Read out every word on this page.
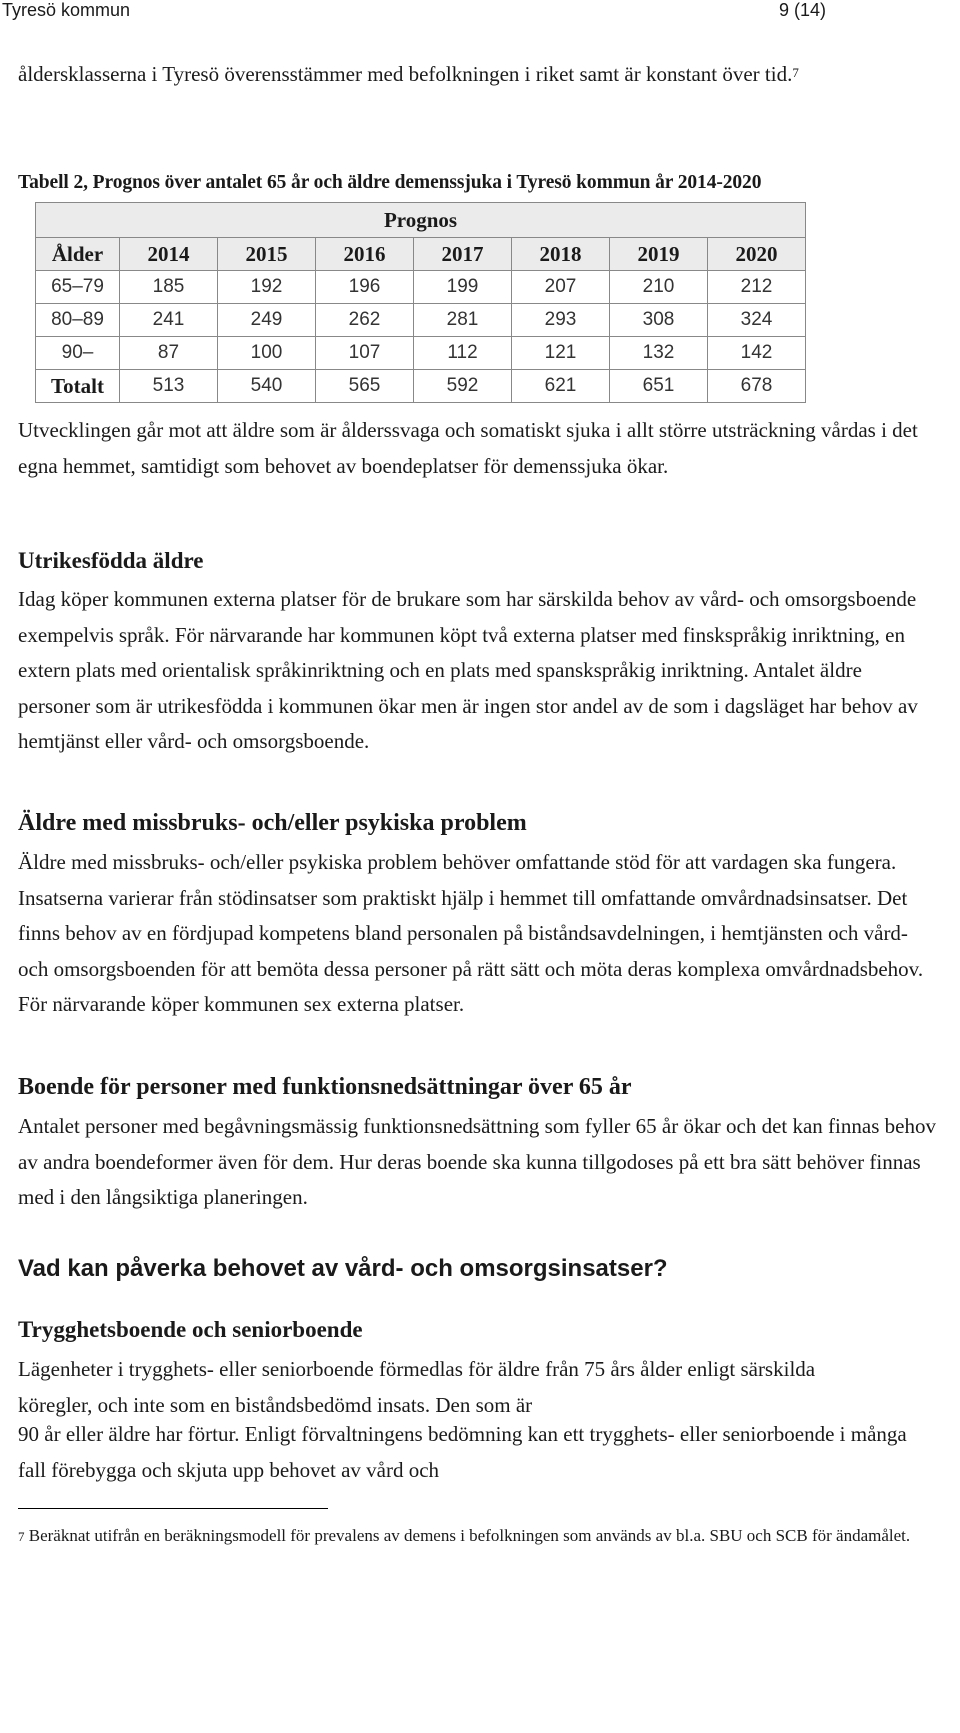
Tyresö kommun	9 (14)

åldersklasserna i Tyresö överensstämmer med befolkningen i riket samt är konstant över tid.$^7$

Tabell 2, Prognos över antalet 65 år och äldre demenssjuka i Tyresö kommun år 2014-2020
Prognos							
Ålder	2014	2015	2016	2017	2018	2019	2020
65–79	185	192	196	199	207	210	212
80–89	241	249	262	281	293	308	324
90–	87	100	107	112	121	132	142
Totalt	513	540	565	592	621	651	678

Utvecklingen går mot att äldre som är ålderssvaga och somatiskt sjuka i allt större utsträckning vårdas i det egna hemmet, samtidigt som behovet av boendeplatser för demenssjuka ökar.

Utrikesfödda äldre

Idag köper kommunen externa platser för de brukare som har särskilda behov av vård- och omsorgsboende exempelvis språk. För närvarande har kommunen köpt två externa platser med finskspråkig inriktning, en extern plats med orientalisk språkinriktning och en plats med spanskspråkig inriktning. Antalet äldre personer som är utrikesfödda i kommunen ökar men är ingen stor andel av de som i dagsläget har behov av hemtjänst eller vård- och omsorgsboende.

Äldre med missbruks- och/eller psykiska problem

Äldre med missbruks- och/eller psykiska problem behöver omfattande stöd för att vardagen ska fungera. Insatserna varierar från stödinsatser som praktiskt hjälp i hemmet till omfattande omvårdnadsinsatser. Det finns behov av en fördjupad kompetens bland personalen på biståndsavdelningen, i hemtjänsten och vård- och omsorgsboenden för att bemöta dessa personer på rätt sätt och möta deras komplexa omvårdnadsbehov. För närvarande köper kommunen sex externa platser.

Boende för personer med funktionsnedsättningar över 65 år

Antalet personer med begåvningsmässig funktionsnedsättning som fyller 65 år ökar och det kan finnas behov av andra boendeformer även för dem. Hur deras boende ska kunna tillgodoses på ett bra sätt behöver finnas med i den långsiktiga planeringen.

Vad kan påverka behovet av vård- och omsorgsinsatser?
Trygghetsboende och seniorboende

Lägenheter i trygghets- eller seniorboende förmedlas för äldre från 75 års ålder enligt särskilda köregler, och inte som en biståndsbedömd insats. Den som är

90 år eller äldre har förtur. Enligt förvaltningens bedömning kan ett trygghets- eller seniorboende i många fall förebygga och skjuta upp behovet av vård och

7 Beräknat utifrån en beräkningsmodell för prevalens av demens i befolkningen som används av bl.a. SBU och SCB för ändamålet.
